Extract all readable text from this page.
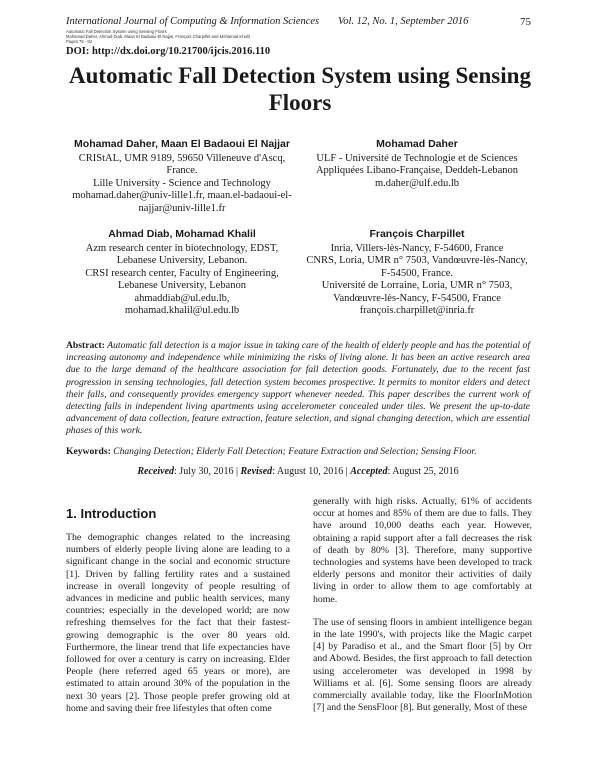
International Journal of Computing & Information Sciences Vol. 12, No. 1, September 2016	75
Automatic Fall Detection System using Sensing Floors
Mohamad Daher, Ahmad Diab, Maan El Badaoui El Najjar, François Charpillet and Mohamad Khalil
Pages 75 - 82
DOI: http://dx.doi.org/10.21700/ijcis.2016.110
Automatic Fall Detection System using Sensing Floors
Mohamad Daher, Maan El Badaoui El Najjar
CRIStAL, UMR 9189, 59650 Villeneuve d'Ascq, France.
Lille University - Science and Technology
mohamad.daher@univ-lille1.fr, maan.el-badaoui-el-najjar@univ-lille1.fr
Mohamad Daher
ULF - Université de Technologie et de Sciences Appliquées Libano-Française, Deddeh-Lebanon
m.daher@ulf.edu.lb
Ahmad Diab, Mohamad Khalil
Azm research center in biotechnology, EDST, Lebanese University, Lebanon.
CRSI research center, Faculty of Engineering, Lebanese University, Lebanon
ahmaddiab@ul.edu.lb,
mohamad.khalil@ul.edu.lb
François Charpillet
Inria, Villers-lès-Nancy, F-54600, France
CNRS, Loria, UMR n° 7503, Vandœuvre-lès-Nancy, F-54500, France.
Université de Lorraine, Loria, UMR n° 7503, Vandœuvre-lès-Nancy, F-54500, France
françois.charpillet@inria.fr
Abstract: Automatic fall detection is a major issue in taking care of the health of elderly people and has the potential of increasing autonomy and independence while minimizing the risks of living alone. It has been an active research area due to the large demand of the healthcare association for fall detection goods. Fortunately, due to the recent fast progression in sensing technologies, fall detection system becomes prospective. It permits to monitor elders and detect their falls, and consequently provides emergency support whenever needed. This paper describes the current work of detecting falls in independent living apartments using accelerometer concealed under tiles. We present the up-to-date advancement of data collection, feature extraction, feature selection, and signal changing detection, which are essential phases of this work.
Keywords: Changing Detection; Elderly Fall Detection; Feature Extraction and Selection; Sensing Floor.
Received: July 30, 2016 | Revised: August 10, 2016 | Accepted: August 25, 2016
1. Introduction

The demographic changes related to the increasing numbers of elderly people living alone are leading to a significant change in the social and economic structure [1]. Driven by falling fertility rates and a sustained increase in overall longevity of people resulting of advances in medicine and public health services, many countries; especially in the developed world; are now refreshing themselves for the fact that their fastest-growing demographic is the over 80 years old. Furthermore, the linear trend that life expectancies have followed for over a century is carry on increasing. Elder People (here referred aged 65 years or more), are estimated to attain around 30% of the population in the next 30 years [2]. Those people prefer growing old at home and saving their free lifestyles that often come

generally with high risks. Actually, 61% of accidents occur at homes and 85% of them are due to falls. They have around 10,000 deaths each year. However, obtaining a rapid support after a fall decreases the risk of death by 80% [3]. Therefore, many supportive technologies and systems have been developed to track elderly persons and monitor their activities of daily living in order to allow them to age comfortably at home.

The use of sensing floors in ambient intelligence began in the late 1990's, with projects like the Magic carpet [4] by Paradiso et al., and the Smart floor [5] by Orr and Abowd. Besides, the first approach to fall detection using accelerometer was developed in 1998 by Williams et al. [6]. Some sensing floors are already commercially available today, like the FloorInMotion [7] and the SensFloor [8]. But generally, Most of these
